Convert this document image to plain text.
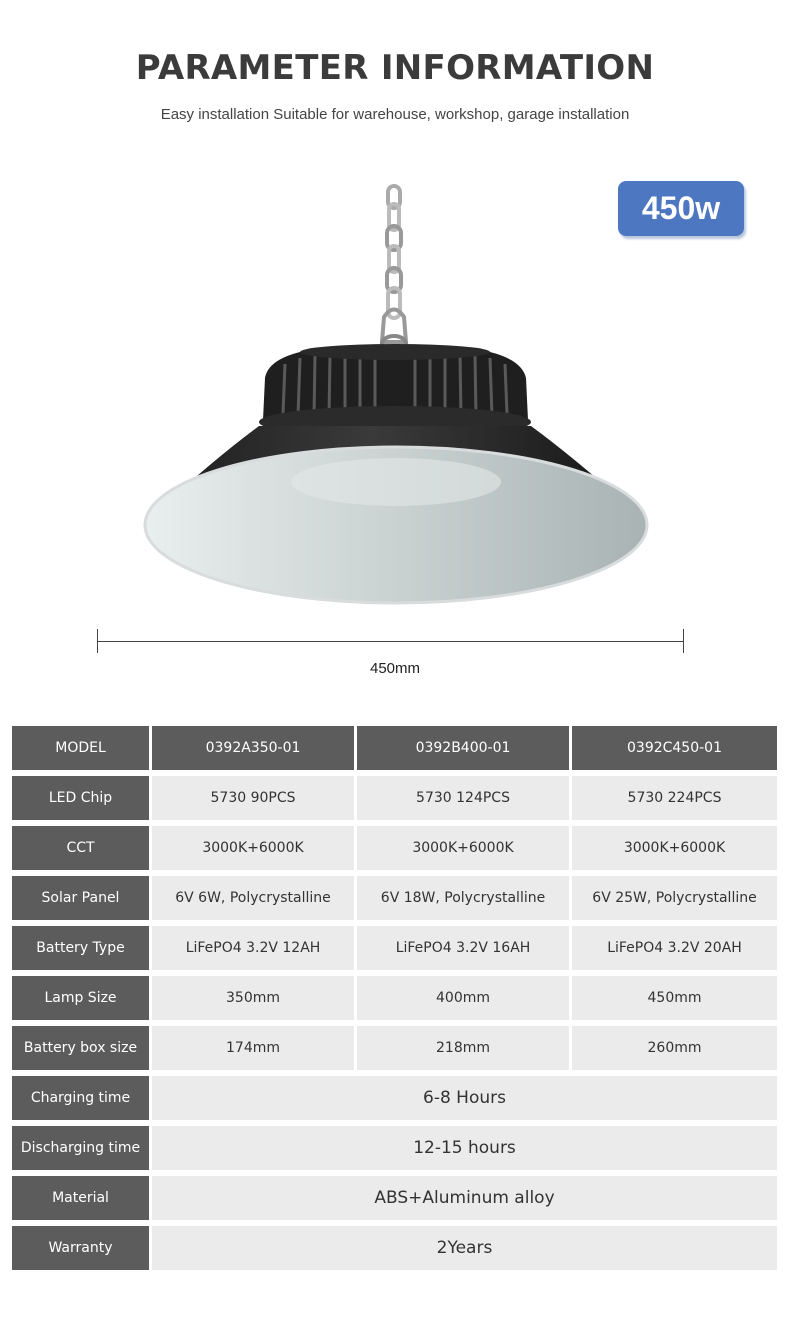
PARAMETER INFORMATION
Easy installation Suitable for warehouse, workshop, garage installation
450w
450mm
MODEL	0392A350-01	0392B400-01	0392C450-01
LED Chip	5730 90PCS	5730 124PCS	5730 224PCS
CCT	3000K+6000K	3000K+6000K	3000K+6000K
Solar Panel	6V 6W, Polycrystalline	6V 18W, Polycrystalline	6V 25W, Polycrystalline
Battery Type	LiFePO4 3.2V 12AH	LiFePO4 3.2V 16AH	LiFePO4 3.2V 20AH
Lamp Size	350mm	400mm	450mm
Battery box size	174mm	218mm	260mm
Charging time	6-8 Hours		
Discharging time	12-15 hours		
Material	ABS+Aluminum alloy		
Warranty	2Years		
